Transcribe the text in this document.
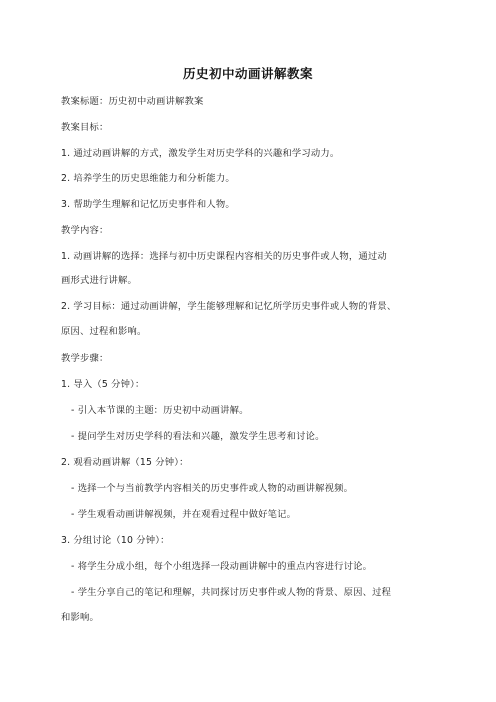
历史初中动画讲解教案
教案标题：历史初中动画讲解教案
教案目标：
1. 通过动画讲解的方式，激发学生对历史学科的兴趣和学习动力。
2. 培养学生的历史思维能力和分析能力。
3. 帮助学生理解和记忆历史事件和人物。
教学内容：
1. 动画讲解的选择：选择与初中历史课程内容相关的历史事件或人物，通过动
画形式进行讲解。
2. 学习目标：通过动画讲解，学生能够理解和记忆所学历史事件或人物的背景、
原因、过程和影响。
教学步骤：
1. 导入（5 分钟）：
- 引入本节课的主题：历史初中动画讲解。
- 提问学生对历史学科的看法和兴趣，激发学生思考和讨论。
2. 观看动画讲解（15 分钟）：
- 选择一个与当前教学内容相关的历史事件或人物的动画讲解视频。
- 学生观看动画讲解视频，并在观看过程中做好笔记。
3. 分组讨论（10 分钟）：
- 将学生分成小组，每个小组选择一段动画讲解中的重点内容进行讨论。
- 学生分享自己的笔记和理解，共同探讨历史事件或人物的背景、原因、过程
和影响。
